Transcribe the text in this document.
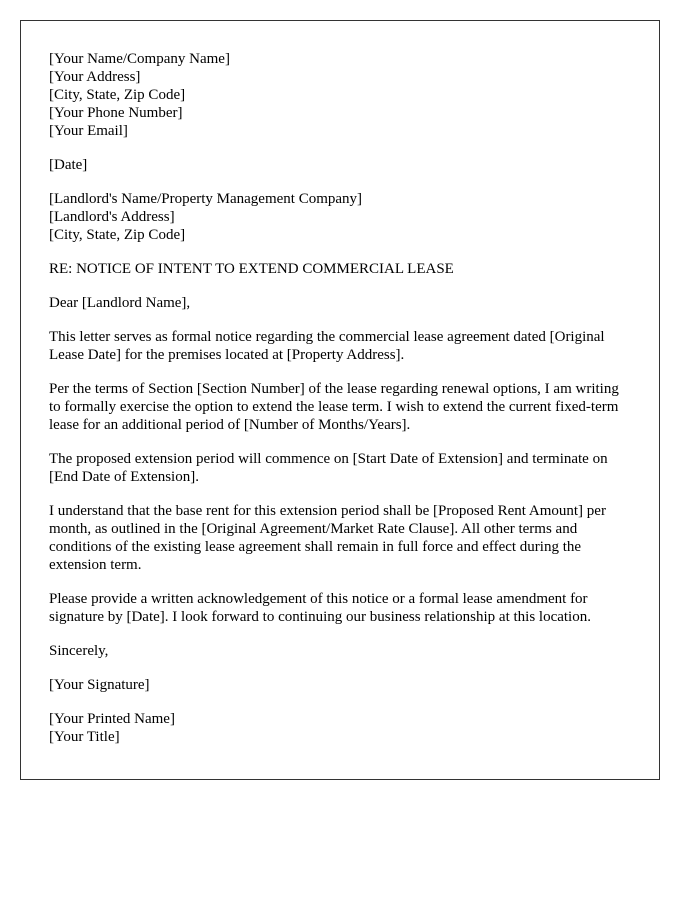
[Your Name/Company Name]
[Your Address]
[City, State, Zip Code]
[Your Phone Number]
[Your Email]
[Date]
[Landlord's Name/Property Management Company]
[Landlord's Address]
[City, State, Zip Code]

RE: NOTICE OF INTENT TO EXTEND COMMERCIAL LEASE

Dear [Landlord Name],

This letter serves as formal notice regarding the commercial lease agreement dated [Original Lease Date] for the premises located at [Property Address].

Per the terms of Section [Section Number] of the lease regarding renewal options, I am writing to formally exercise the option to extend the lease term. I wish to extend the current fixed-term lease for an additional period of [Number of Months/Years].

The proposed extension period will commence on [Start Date of Extension] and terminate on [End Date of Extension].

I understand that the base rent for this extension period shall be [Proposed Rent Amount] per month, as outlined in the [Original Agreement/Market Rate Clause]. All other terms and conditions of the existing lease agreement shall remain in full force and effect during the extension term.

Please provide a written acknowledgement of this notice or a formal lease amendment for signature by [Date]. I look forward to continuing our business relationship at this location.

Sincerely,

[Your Signature]

[Your Printed Name]
[Your Title]
